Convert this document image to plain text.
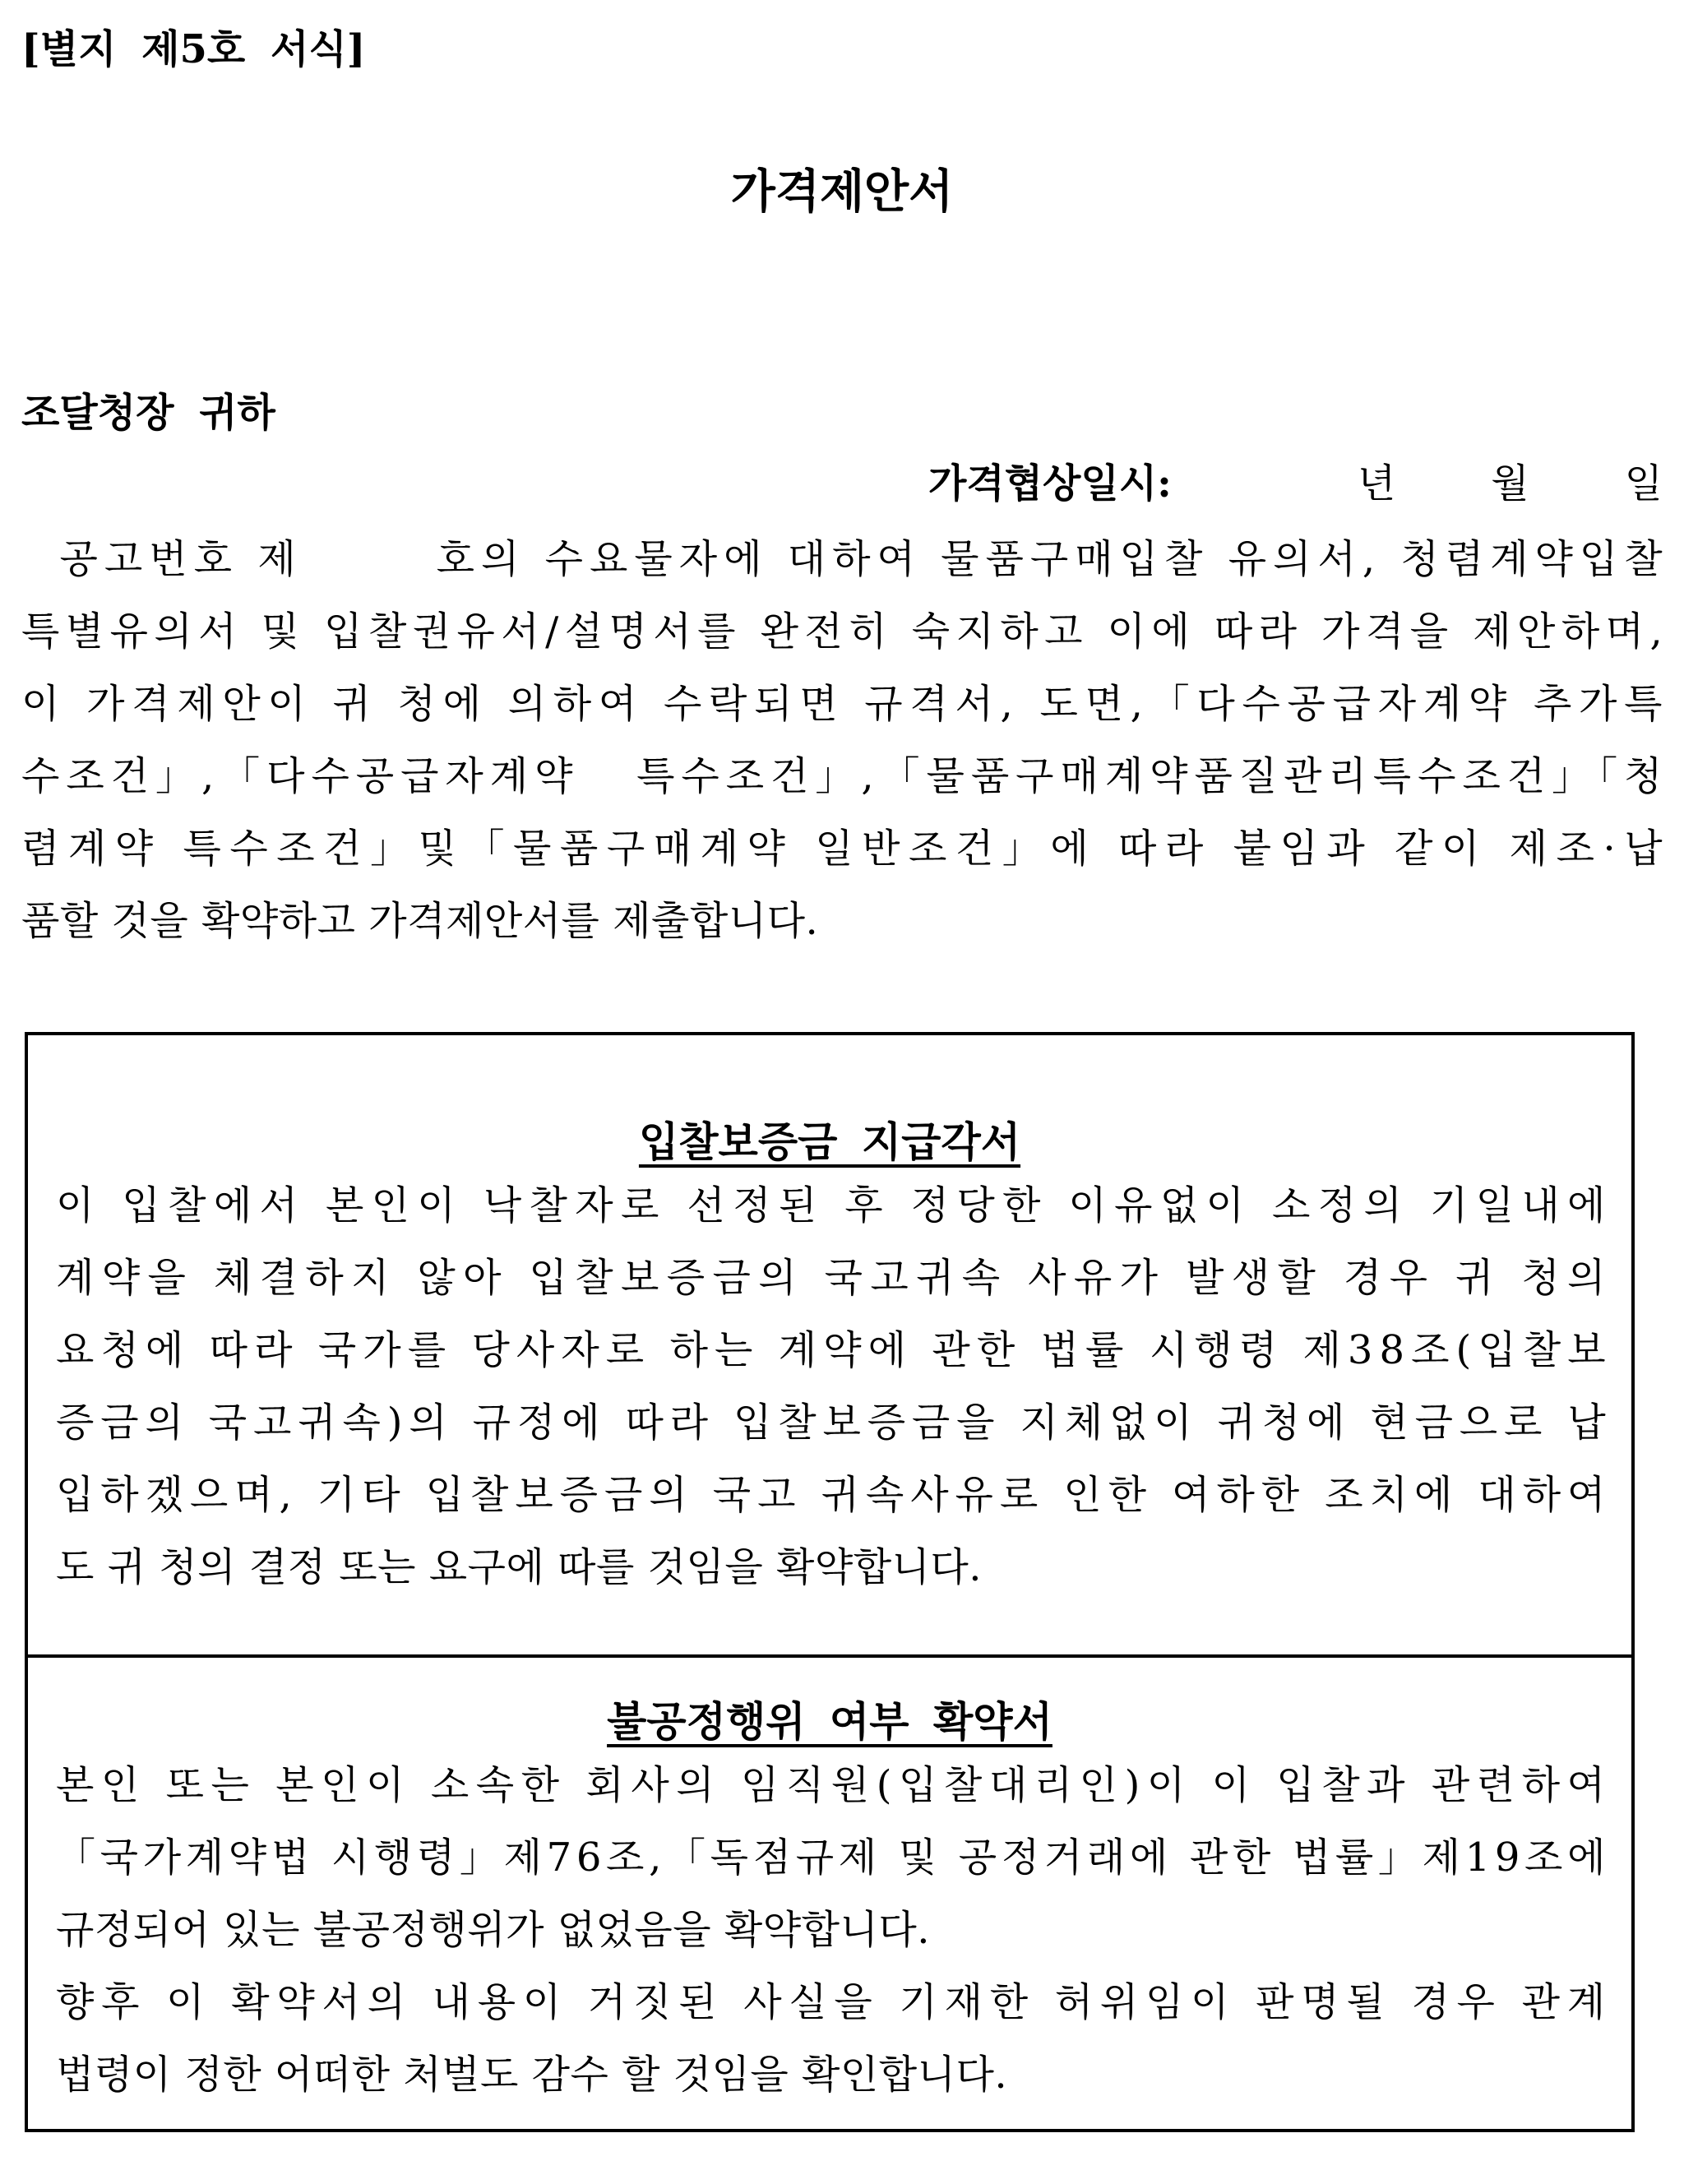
[별지 제5호 서식]
가격제안서
조달청장 귀하
가격협상일시:	년 월 일
공고번호 제       호의 수요물자에 대하여 물품구매입찰 유의서, 청렴계약입찰
특별유의서 및 입찰권유서/설명서를 완전히 숙지하고 이에 따라 가격을 제안하며,
이 가격제안이 귀 청에 의하여 수락되면 규격서, 도면,「다수공급자계약 추가특
수조건」,「다수공급자계약   특수조건」,「물품구매계약품질관리특수조건」「청
렴계약 특수조건」및「물품구매계약 일반조건」에 따라 붙임과 같이 제조·납
품할 것을 확약하고 가격제안서를 제출합니다.
입찰보증금 지급각서
이 입찰에서 본인이 낙찰자로 선정된 후 정당한 이유없이 소정의 기일내에
계약을 체결하지 않아 입찰보증금의 국고귀속 사유가 발생할 경우 귀 청의
요청에 따라 국가를 당사자로 하는 계약에 관한 법률 시행령 제38조(입찰보
증금의 국고귀속)의 규정에 따라 입찰보증금을 지체없이 귀청에 현금으로 납
입하겠으며, 기타 입찰보증금의 국고 귀속사유로 인한 여하한 조치에 대하여
도 귀 청의 결정 또는 요구에 따를 것임을 확약합니다.
불공정행위 여부 확약서
본인 또는 본인이 소속한 회사의 임직원(입찰대리인)이 이 입찰과 관련하여
「국가계약법 시행령」제76조,「독점규제 및 공정거래에 관한 법률」제19조에
규정되어 있는 불공정행위가 없었음을 확약합니다.
향후 이 확약서의 내용이 거짓된 사실을 기재한 허위임이 판명될 경우 관계
법령이 정한 어떠한 처벌도 감수 할 것임을 확인합니다.
